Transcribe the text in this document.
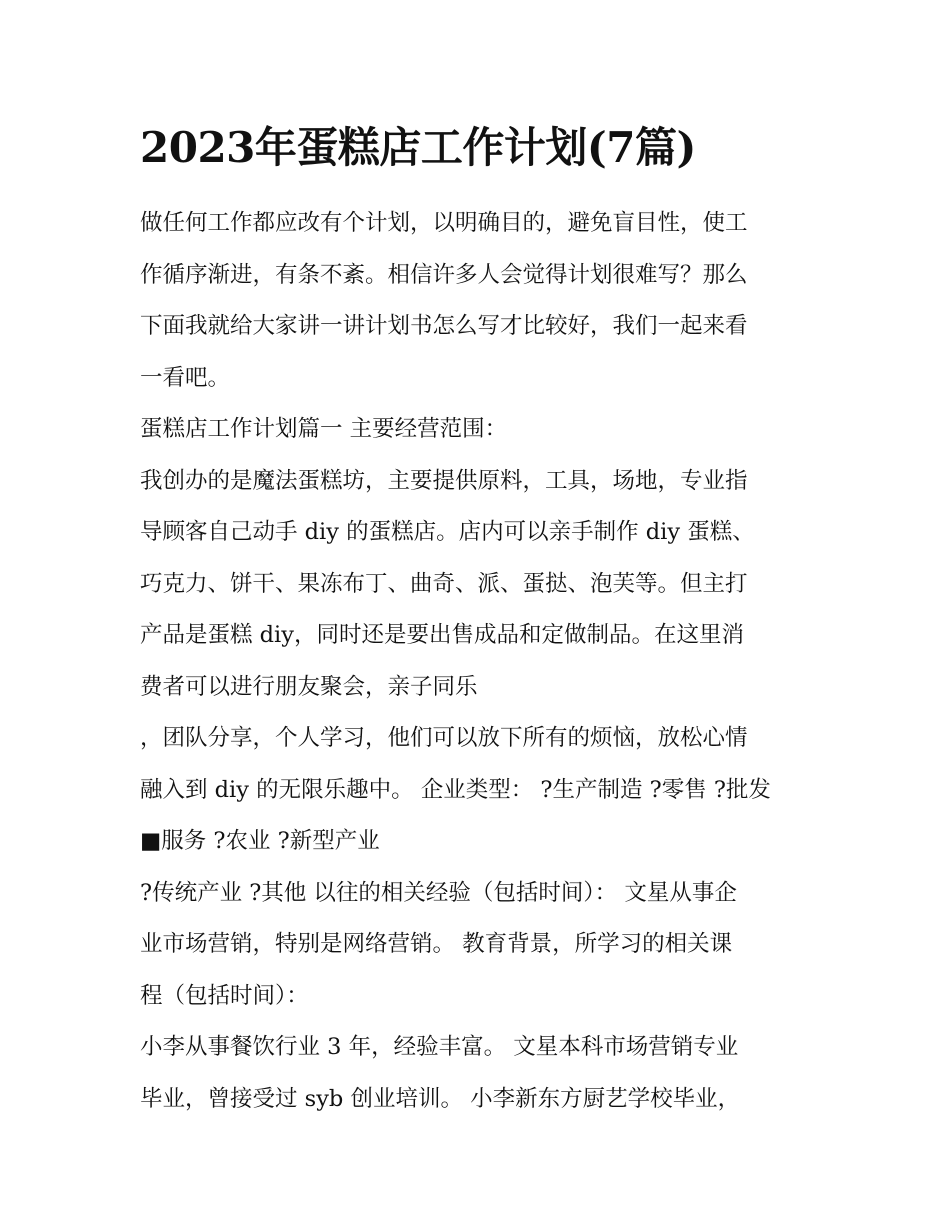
2023年蛋糕店工作计划(7篇)
做任何工作都应改有个计划，以明确目的，避免盲目性，使工
作循序渐进，有条不紊。相信许多人会觉得计划很难写？那么
下面我就给大家讲一讲计划书怎么写才比较好，我们一起来看
一看吧。
蛋糕店工作计划篇一 主要经营范围：
我创办的是魔法蛋糕坊，主要提供原料，工具，场地，专业指
导顾客自己动手 diy 的蛋糕店。店内可以亲手制作 diy 蛋糕、
巧克力、饼干、果冻布丁、曲奇、派、蛋挞、泡芙等。但主打
产品是蛋糕 diy，同时还是要出售成品和定做制品。在这里消
费者可以进行朋友聚会，亲子同乐
，团队分享，个人学习，他们可以放下所有的烦恼，放松心情
融入到 diy 的无限乐趣中。 企业类型： ?生产制造 ?零售 ?批发
■服务 ?农业 ?新型产业
?传统产业 ?其他 以往的相关经验（包括时间）： 文星从事企
业市场营销，特别是网络营销。 教育背景，所学习的相关课
程（包括时间）：
小李从事餐饮行业 3 年，经验丰富。 文星本科市场营销专业
毕业，曾接受过 syb 创业培训。 小李新东方厨艺学校毕业，
